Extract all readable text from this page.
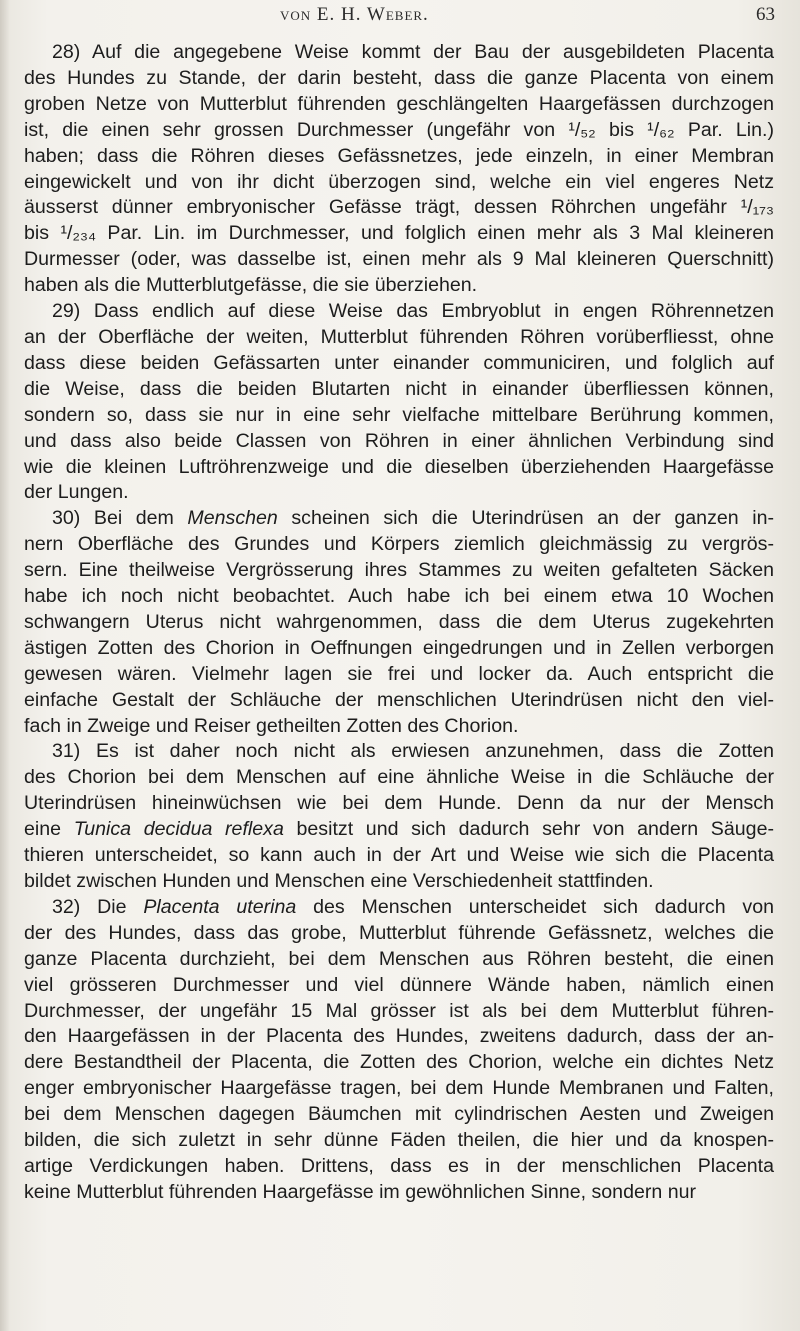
von E. H. Weber.	63
28) Auf die angegebene Weise kommt der Bau der ausgebildeten Placenta
des Hundes zu Stande, der darin besteht, dass die ganze Placenta von einem
groben Netze von Mutterblut führenden geschlängelten Haargefässen durchzogen
ist, die einen sehr grossen Durchmesser (ungefähr von ¹/₅₂ bis ¹/₆₂ Par. Lin.)
haben; dass die Röhren dieses Gefässnetzes, jede einzeln, in einer Membran
eingewickelt und von ihr dicht überzogen sind, welche ein viel engeres Netz
äusserst dünner embryonischer Gefässe trägt, dessen Röhrchen ungefähr ¹/₁₇₃
bis ¹/₂₃₄ Par. Lin. im Durchmesser, und folglich einen mehr als 3 Mal kleineren
Durmesser (oder, was dasselbe ist, einen mehr als 9 Mal kleineren Querschnitt)
haben als die Mutterblutgefässe, die sie überziehen.
29) Dass endlich auf diese Weise das Embryoblut in engen Röhrennetzen
an der Oberfläche der weiten, Mutterblut führenden Röhren vorüberfliesst, ohne
dass diese beiden Gefässarten unter einander communiciren, und folglich auf
die Weise, dass die beiden Blutarten nicht in einander überfliessen können,
sondern so, dass sie nur in eine sehr vielfache mittelbare Berührung kommen,
und dass also beide Classen von Röhren in einer ähnlichen Verbindung sind
wie die kleinen Luftröhrenzweige und die dieselben überziehenden Haargefässe
der Lungen.
30) Bei dem Menschen scheinen sich die Uterindrüsen an der ganzen in-
nern Oberfläche des Grundes und Körpers ziemlich gleichmässig zu vergrös-
sern. Eine theilweise Vergrösserung ihres Stammes zu weiten gefalteten Säcken
habe ich noch nicht beobachtet. Auch habe ich bei einem etwa 10 Wochen
schwangern Uterus nicht wahrgenommen, dass die dem Uterus zugekehrten
ästigen Zotten des Chorion in Oeffnungen eingedrungen und in Zellen verborgen
gewesen wären. Vielmehr lagen sie frei und locker da. Auch entspricht die
einfache Gestalt der Schläuche der menschlichen Uterindrüsen nicht den viel-
fach in Zweige und Reiser getheilten Zotten des Chorion.
31) Es ist daher noch nicht als erwiesen anzunehmen, dass die Zotten
des Chorion bei dem Menschen auf eine ähnliche Weise in die Schläuche der
Uterindrüsen hineinwüchsen wie bei dem Hunde. Denn da nur der Mensch
eine Tunica decidua reflexa besitzt und sich dadurch sehr von andern Säuge-
thieren unterscheidet, so kann auch in der Art und Weise wie sich die Placenta
bildet zwischen Hunden und Menschen eine Verschiedenheit stattfinden.
32) Die Placenta uterina des Menschen unterscheidet sich dadurch von
der des Hundes, dass das grobe, Mutterblut führende Gefässnetz, welches die
ganze Placenta durchzieht, bei dem Menschen aus Röhren besteht, die einen
viel grösseren Durchmesser und viel dünnere Wände haben, nämlich einen
Durchmesser, der ungefähr 15 Mal grösser ist als bei dem Mutterblut führen-
den Haargefässen in der Placenta des Hundes, zweitens dadurch, dass der an-
dere Bestandtheil der Placenta, die Zotten des Chorion, welche ein dichtes Netz
enger embryonischer Haargefässe tragen, bei dem Hunde Membranen und Falten,
bei dem Menschen dagegen Bäumchen mit cylindrischen Aesten und Zweigen
bilden, die sich zuletzt in sehr dünne Fäden theilen, die hier und da knospen-
artige Verdickungen haben. Drittens, dass es in der menschlichen Placenta
keine Mutterblut führenden Haargefässe im gewöhnlichen Sinne, sondern nur
